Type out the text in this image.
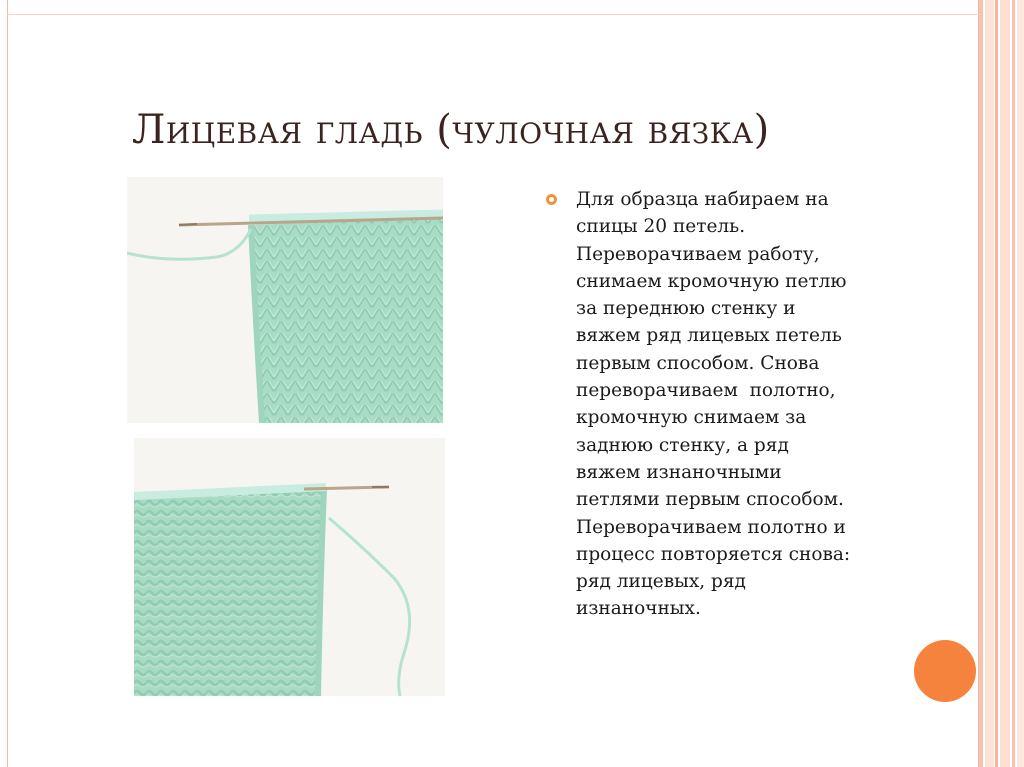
Лицевая гладь (чулочная вязка)
Для образца набираем на
спицы 20 петель.
Переворачиваем работу,
снимаем кромочную петлю
за переднюю стенку и
вяжем ряд лицевых петель
первым способом. Снова
переворачиваем  полотно,
кромочную снимаем за
заднюю стенку, а ряд
вяжем изнаночными
петлями первым способом.
Переворачиваем полотно и
процесс повторяется снова:
ряд лицевых, ряд
изнаночных.
